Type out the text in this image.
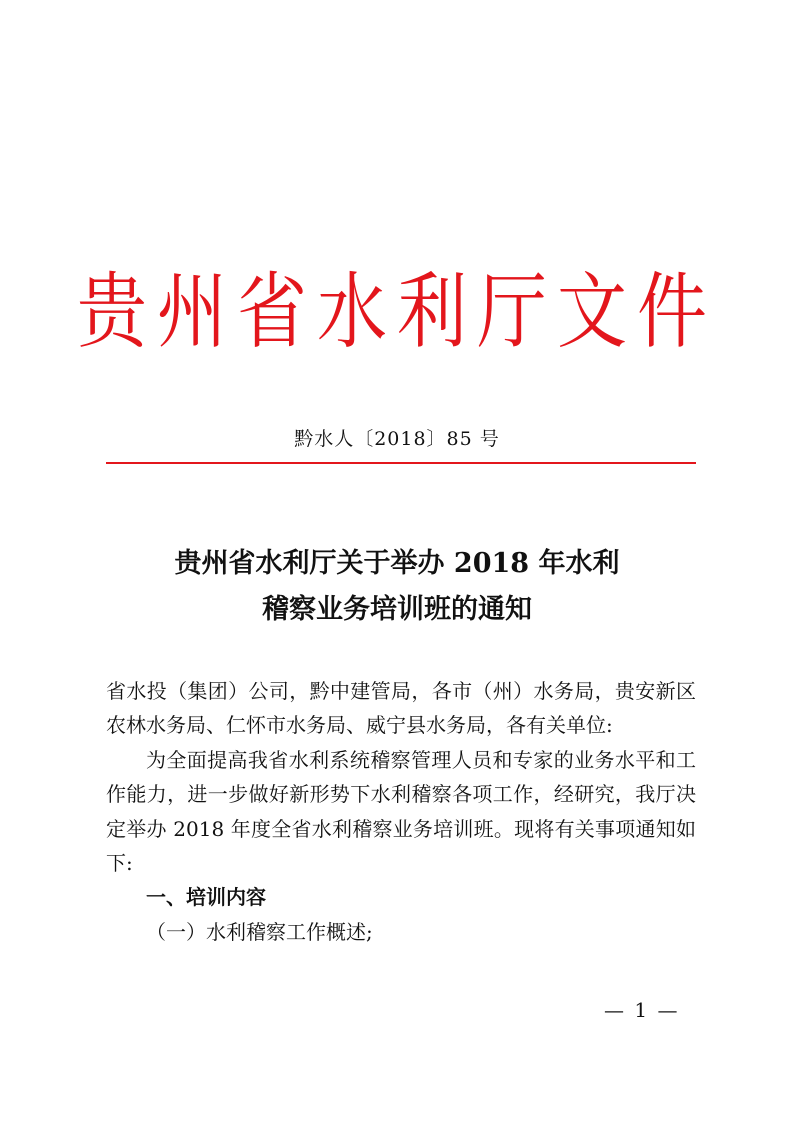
贵州省水利厅文件
黔水人〔2018〕85 号
贵州省水利厅关于举办 2018 年水利
稽察业务培训班的通知

省水投（集团）公司，黔中建管局，各市（州）水务局，贵安新区农林水务局、仁怀市水务局、威宁县水务局，各有关单位:

为全面提高我省水利系统稽察管理人员和专家的业务水平和工作能力，进一步做好新形势下水利稽察各项工作，经研究，我厅决定举办 2018 年度全省水利稽察业务培训班。现将有关事项通知如下:

一、培训内容

（一）水利稽察工作概述;

— 1 —
